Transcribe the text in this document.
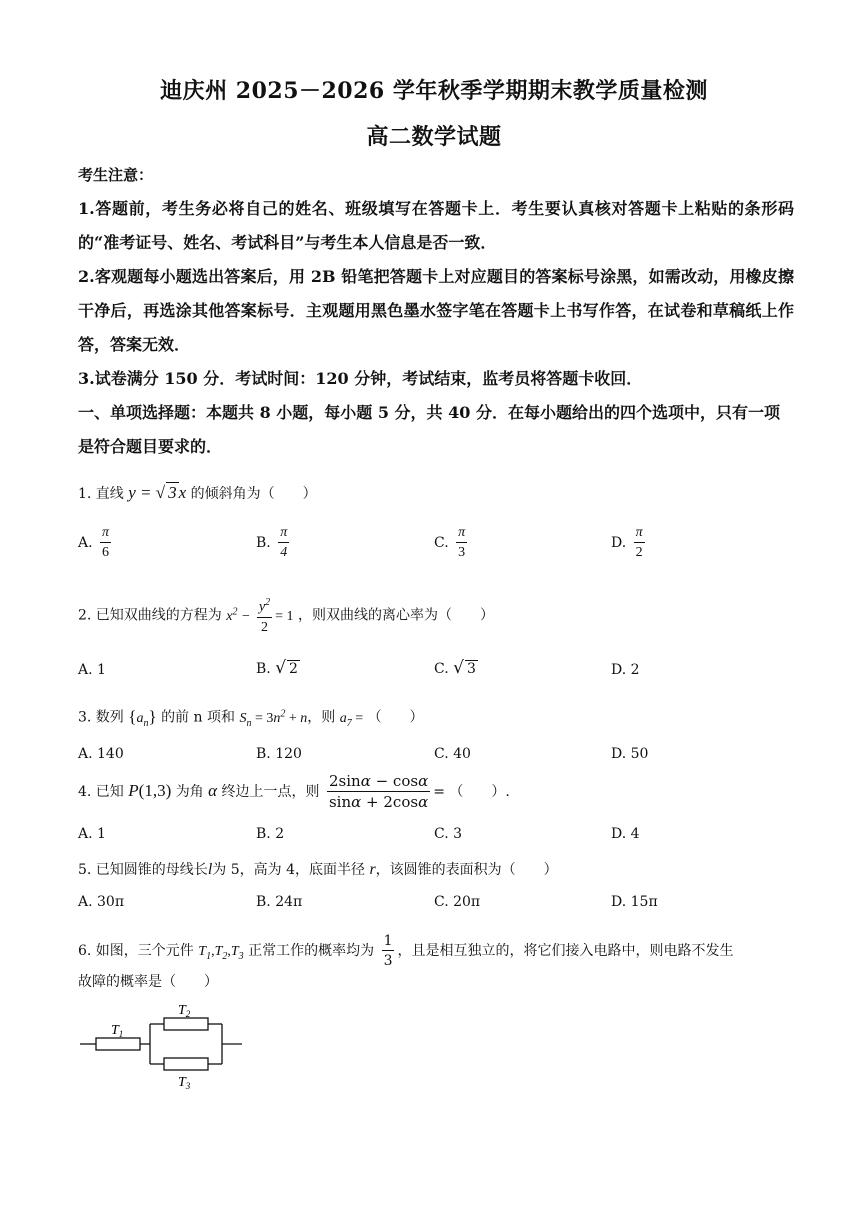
迪庆州 2025－2026 学年秋季学期期末教学质量检测
高二数学试题
考生注意：
1.答题前，考生务必将自己的姓名、班级填写在答题卡上．考生要认真核对答题卡上粘贴的条形码的“准考证号、姓名、考试科目”与考生本人信息是否一致．
2.客观题每小题选出答案后，用 2B 铅笔把答题卡上对应题目的答案标号涂黑，如需改动，用橡皮擦干净后，再选涂其他答案标号．主观题用黑色墨水签字笔在答题卡上书写作答，在试卷和草稿纸上作答，答案无效．
3.试卷满分 150 分．考试时间：120 分钟，考试结束，监考员将答题卡收回．
一、单项选择题：本题共 8 小题，每小题 5 分，共 40 分．在每小题给出的四个选项中，只有一项是符合题目要求的．
1. 直线 y = √ 3 x 的倾斜角为（　　）
A. $\frac{\pi}{6}$	B. $\frac{\pi}{4}$	C. $\frac{\pi}{3}$	D. $\frac{\pi}{2}$
2. 已知双曲线的方程为 $x^2 - \frac{y^2}{2} = 1$ ，则双曲线的离心率为（　　）
A. 1	B. √ 2	C. √ 3	D. 2
3. 数列 $\{a_n\}$ 的前 n 项和 $S_n = 3n^2 + n$，则 $a_7$ = （　　）
A. 140	B. 120	C. 40	D. 50
4. 已知 P(1,3) 为角 α 终边上一点，则 $\frac{2\sin\alpha - \cos\alpha}{\sin\alpha + 2\cos\alpha}$ = （　　）.
A. 1	B. 2	C. 3	D. 4
5. 已知圆锥的母线长l为 5，高为 4，底面半径 r，该圆锥的表面积为（　　）
A. 30π	B. 24π	C. 20π	D. 15π
6. 如图，三个元件 $T_1,T_2,T_3$ 正常工作的概率均为 $\frac{1}{3}$ ，且是相互独立的，将它们接入电路中，则电路不发生
故障的概率是（　　）
$T_1$
$T_2$
$T_3$
